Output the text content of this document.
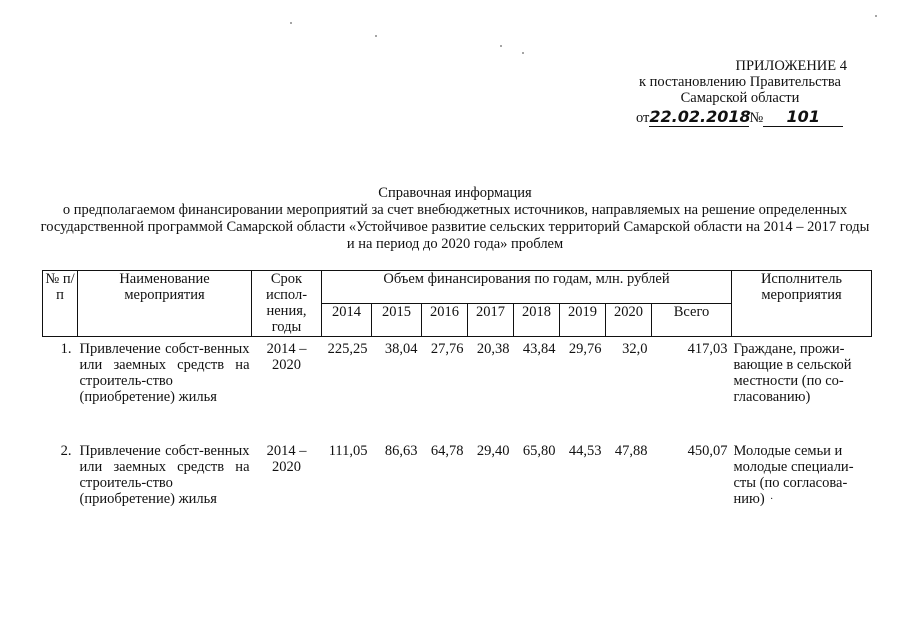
ПРИЛОЖЕНИЕ 4
к постановлению Правительства
Самарской области
от22.02.2018№ 101
Справочная информация
о предполагаемом финансировании мероприятий за счет внебюджетных источников, направляемых на решение определенных государственной программой Самарской области «Устойчивое развитие сельских территорий Самарской области на 2014 – 2017 годы и на период до 2020 года» проблем
№ п/п	Наименование мероприятия	Срок испол-нения, годы	Объем финансирования по годам, млн. рублей								Исполнитель мероприятия
			2014	2015	2016	2017	2018	2019	2020	Всего	
1.	Привлечение собст-венных или заемных средств на строитель-ство (приобретение) жилья	2014 – 2020	225,25	38,04	27,76	20,38	43,84	29,76	32,0	417,03	Граждане, прожи-вающие в сельской местности (по со-гласованию)
2.	Привлечение собст-венных или заемных средств на строитель-ство (приобретение) жилья	2014 – 2020	111,05	86,63	64,78	29,40	65,80	44,53	47,88	450,07	Молодые семьи и молодые специали-сты (по согласова-нию) ·
